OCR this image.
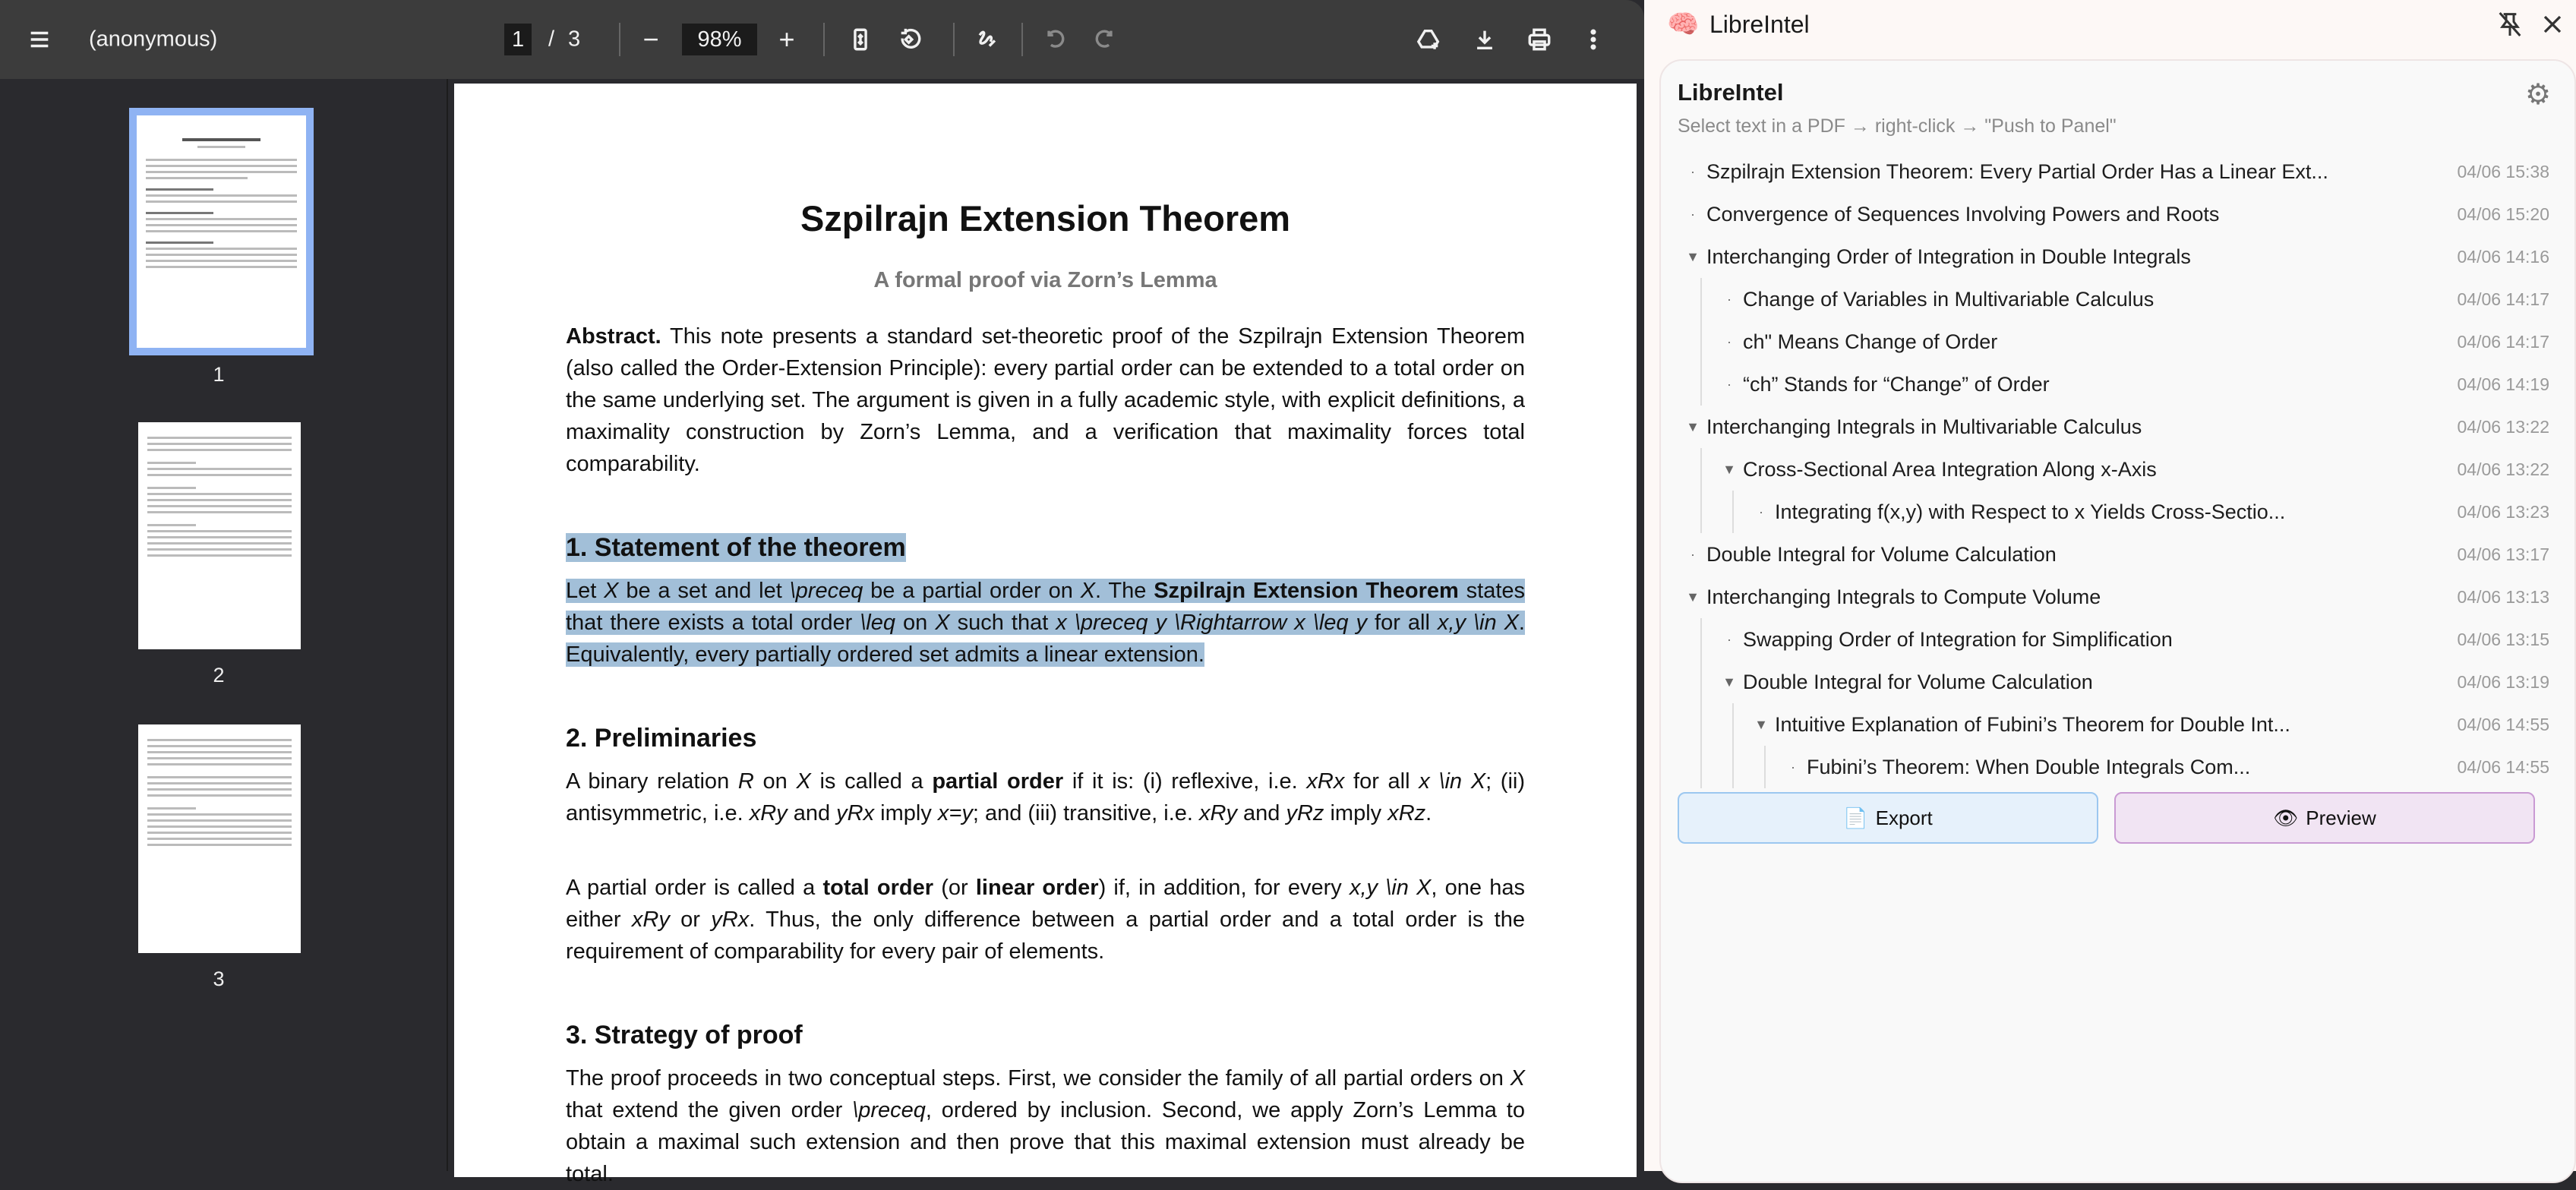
(anonymous)	1	/ 3	−	98%	+
1
2
3
Szpilrajn Extension Theorem
A formal proof via Zorn’s Lemma

Abstract. This note presents a standard set-theoretic proof of the Szpilrajn Extension Theorem (also called the Order-Extension Principle): every partial order can be extended to a total order on the same underlying set. The argument is given in a fully academic style, with explicit definitions, a maximality construction by Zorn’s Lemma, and a verification that maximality forces total comparability.

1. Statement of the theorem

Let X be a set and let \preceq be a partial order on X. The Szpilrajn Extension Theorem states that there exists a total order \leq on X such that x \preceq y \Rightarrow x \leq y for all x,y \in X. Equivalently, every partially ordered set admits a linear extension.

2. Preliminaries

A binary relation R on X is called a partial order if it is: (i) reflexive, i.e. xRx for all x \in X; (ii) antisymmetric, i.e. xRy and yRx imply x=y; and (iii) transitive, i.e. xRy and yRz imply xRz.

A partial order is called a total order (or linear order) if, in addition, for every x,y \in X, one has either xRy or yRx. Thus, the only difference between a partial order and a total order is the requirement of comparability for every pair of elements.

3. Strategy of proof

The proof proceeds in two conceptual steps. First, we consider the family of all partial orders on X that extend the given order \preceq, ordered by inclusion. Second, we apply Zorn’s Lemma to obtain a maximal such extension and then prove that this maximal extension must already be total.

🧠 LibreIntel
LibreIntel	⚙
Select text in a PDF → right-click → "Push to Panel"
· Szpilrajn Extension Theorem: Every Partial Order Has a Linear Ext...	04/06 15:38
· Convergence of Sequences Involving Powers and Roots	04/06 15:20
▼ Interchanging Order of Integration in Double Integrals	04/06 14:16
· Change of Variables in Multivariable Calculus	04/06 14:17
· ch" Means Change of Order	04/06 14:17
· “ch” Stands for “Change” of Order	04/06 14:19
▼ Interchanging Integrals in Multivariable Calculus	04/06 13:22
▼ Cross-Sectional Area Integration Along x-Axis	04/06 13:22
· Integrating f(x,y) with Respect to x Yields Cross-Sectio...	04/06 13:23
· Double Integral for Volume Calculation	04/06 13:17
▼ Interchanging Integrals to Compute Volume	04/06 13:13
· Swapping Order of Integration for Simplification	04/06 13:15
▼ Double Integral for Volume Calculation	04/06 13:19
▼ Intuitive Explanation of Fubini’s Theorem for Double Int...	04/06 14:55
· Fubini’s Theorem: When Double Integrals Com...	04/06 14:55
📄 Export	👁 Preview
